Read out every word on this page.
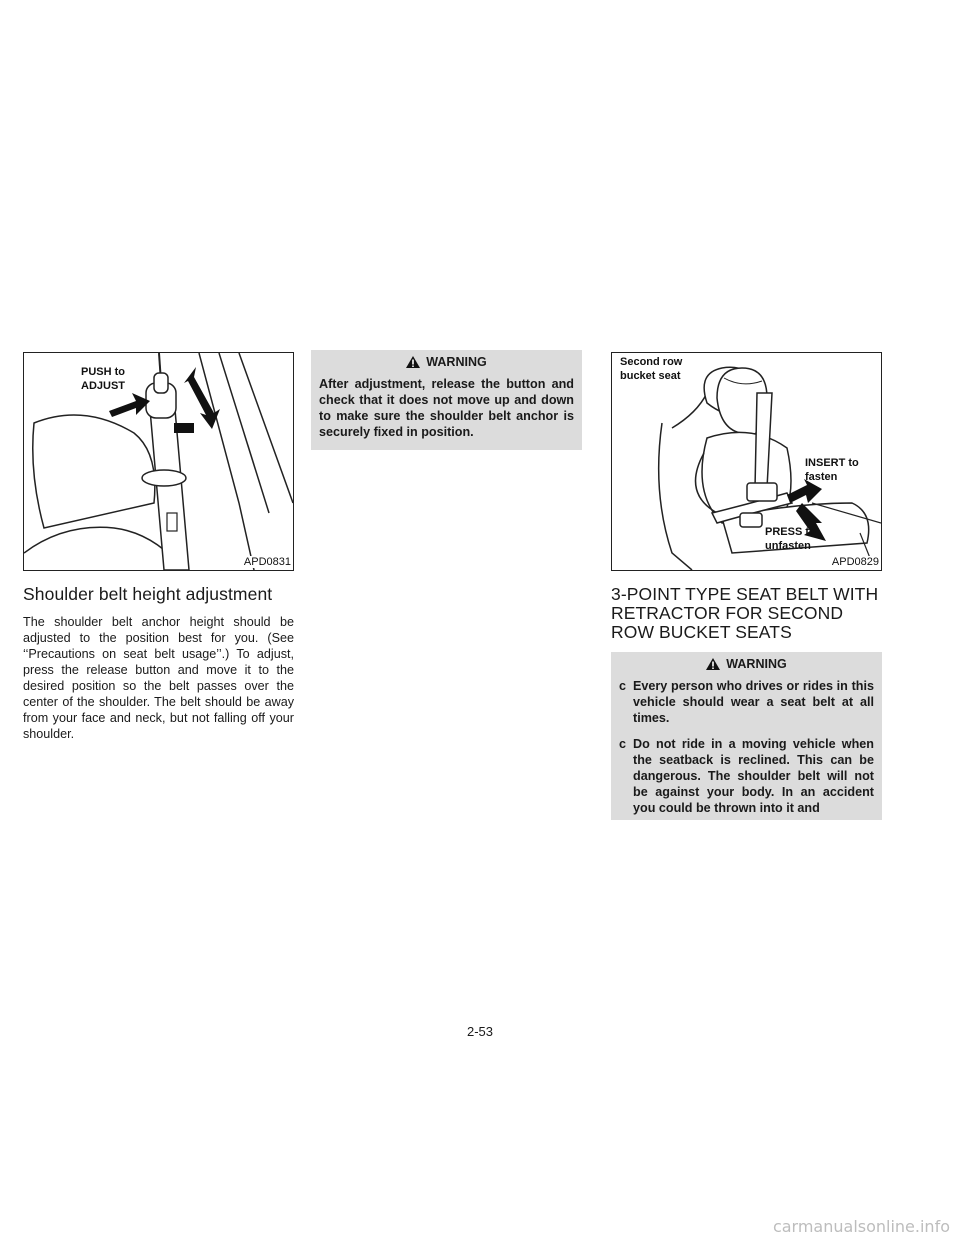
PUSH to
ADJUST
APD0831
Shoulder belt height adjustment

The shoulder belt anchor height should be adjusted to the position best for you. (See ‘‘Precautions on seat belt usage’’.) To adjust, press the release button and move it to the desired position so the belt passes over the center of the shoulder. The belt should be away from your face and neck, but not falling off your shoulder.

WARNING
After adjustment, release the button and check that it does not move up and down to make sure the shoulder belt anchor is securely fixed in position.
Second row
bucket seat
INSERT to
fasten
PRESS to
unfasten
APD0829
3-POINT TYPE SEAT BELT WITH RETRACTOR FOR SECOND ROW BUCKET SEATS
WARNING
c Every person who drives or rides in this vehicle should wear a seat belt at all times.
c Do not ride in a moving vehicle when the seatback is reclined. This can be dangerous. The shoulder belt will not be against your body. In an accident you could be thrown into it and
2-53
carmanualsonline.info
